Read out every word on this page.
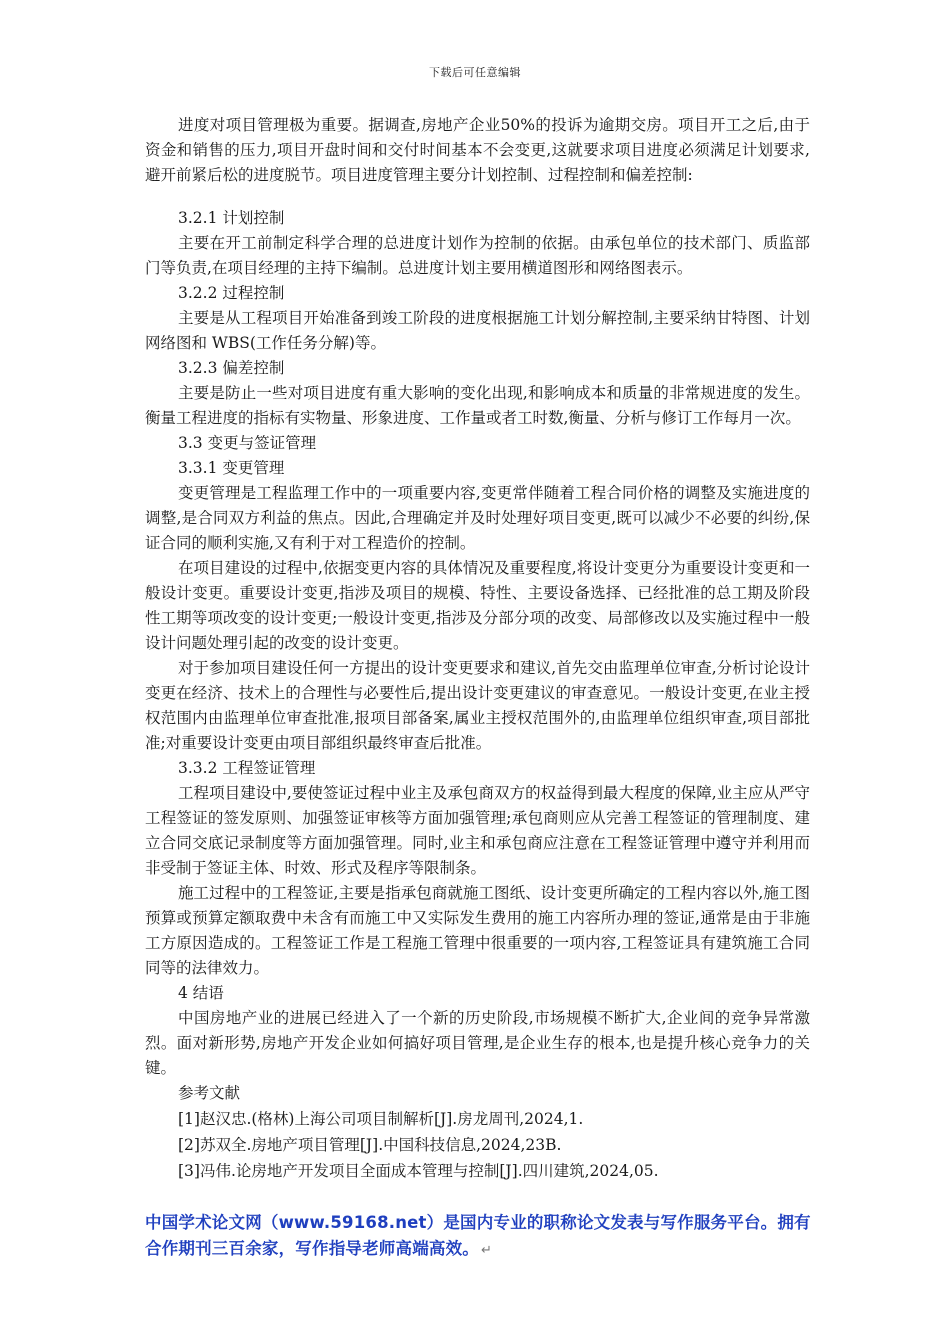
下载后可任意编辑

进度对项目管理极为重要。据调查,房地产企业50%的投诉为逾期交房。项目开工之后,由于资金和销售的压力,项目开盘时间和交付时间基本不会变更,这就要求项目进度必须满足计划要求,避开前紧后松的进度脱节。项目进度管理主要分计划控制、过程控制和偏差控制:

3.2.1 计划控制

主要在开工前制定科学合理的总进度计划作为控制的依据。由承包单位的技术部门、质监部门等负责,在项目经理的主持下编制。总进度计划主要用横道图形和网络图表示。

3.2.2 过程控制

主要是从工程项目开始准备到竣工阶段的进度根据施工计划分解控制,主要采纳甘特图、计划网络图和 WBS(工作任务分解)等。

3.2.3 偏差控制

主要是防止一些对项目进度有重大影响的变化出现,和影响成本和质量的非常规进度的发生。衡量工程进度的指标有实物量、形象进度、工作量或者工时数,衡量、分析与修订工作每月一次。

3.3 变更与签证管理

3.3.1 变更管理

变更管理是工程监理工作中的一项重要内容,变更常伴随着工程合同价格的调整及实施进度的调整,是合同双方利益的焦点。因此,合理确定并及时处理好项目变更,既可以减少不必要的纠纷,保证合同的顺利实施,又有利于对工程造价的控制。

在项目建设的过程中,依据变更内容的具体情况及重要程度,将设计变更分为重要设计变更和一般设计变更。重要设计变更,指涉及项目的规模、特性、主要设备选择、已经批准的总工期及阶段性工期等项改变的设计变更;一般设计变更,指涉及分部分项的改变、局部修改以及实施过程中一般设计问题处理引起的改变的设计变更。

对于参加项目建设任何一方提出的设计变更要求和建议,首先交由监理单位审查,分析讨论设计变更在经济、技术上的合理性与必要性后,提出设计变更建议的审查意见。一般设计变更,在业主授权范围内由监理单位审查批准,报项目部备案,属业主授权范围外的,由监理单位组织审查,项目部批准;对重要设计变更由项目部组织最终审查后批准。

3.3.2 工程签证管理

工程项目建设中,要使签证过程中业主及承包商双方的权益得到最大程度的保障,业主应从严守工程签证的签发原则、加强签证审核等方面加强管理;承包商则应从完善工程签证的管理制度、建立合同交底记录制度等方面加强管理。同时,业主和承包商应注意在工程签证管理中遵守并利用而非受制于签证主体、时效、形式及程序等限制条。

施工过程中的工程签证,主要是指承包商就施工图纸、设计变更所确定的工程内容以外,施工图预算或预算定额取费中未含有而施工中又实际发生费用的施工内容所办理的签证,通常是由于非施工方原因造成的。工程签证工作是工程施工管理中很重要的一项内容,工程签证具有建筑施工合同同等的法律效力。

4 结语

中国房地产业的进展已经进入了一个新的历史阶段,市场规模不断扩大,企业间的竞争异常激烈。面对新形势,房地产开发企业如何搞好项目管理,是企业生存的根本,也是提升核心竞争力的关键。

参考文献

[1]赵汉忠.(格林)上海公司项目制解析[J].房龙周刊,2024,1.

[2]苏双全.房地产项目管理[J].中国科技信息,2024,23B.

[3]冯伟.论房地产开发项目全面成本管理与控制[J].四川建筑,2024,05.

中国学术论文网（www.59168.net）是国内专业的职称论文发表与写作服务平台。拥有合作期刊三百余家，写作指导老师高端高效。 ↵
